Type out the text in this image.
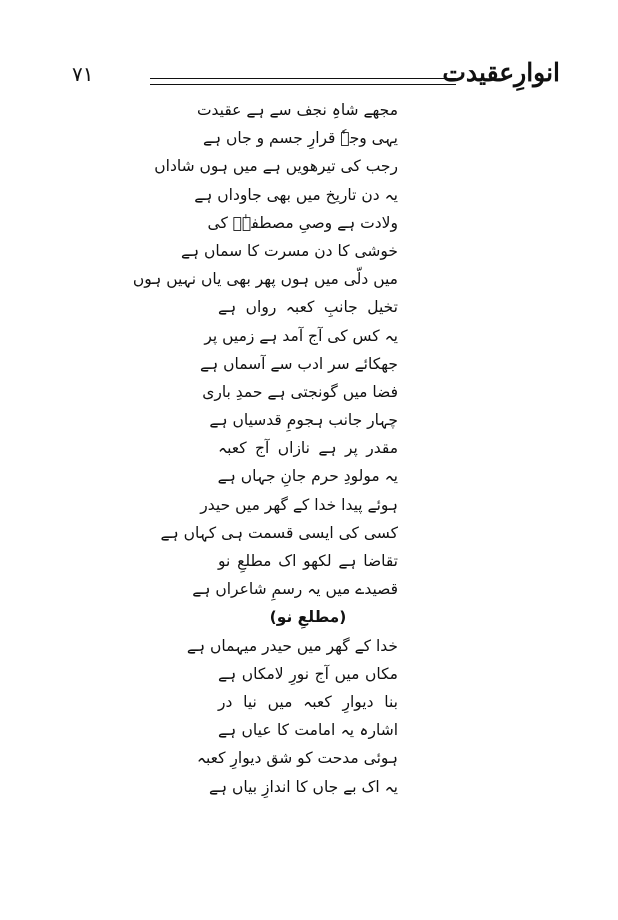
۷۱	انوارِعقیدت
مجھے شاہِ نجف سے ہے عقیدت
یہی وجہٗ قرارِ جسم و جاں ہے
رجب کی تیرھویں ہے میں ہوں شاداں
یہ دن تاریخ میں بھی جاوداں ہے
ولادت ہے وصیِ مصطفےٰؐ کی
خوشی کا دن مسرت کا سماں ہے
میں دلّی میں ہوں پھر بھی یاں نہیں ہوں
تخیل جانبِ کعبہ رواں ہے
یہ کس کی آج آمد ہے زمیں پر
جھکائے سر ادب سے آسماں ہے
فضا میں گونجتی ہے حمدِ باری
چہار جانب ہجومِ قدسیاں ہے
مقدر پر ہے نازاں آج کعبہ
یہ مولودِ حرم جانِ جہاں ہے
ہوئے پیدا خدا کے گھر میں حیدر
کسی کی ایسی قسمت ہی کہاں ہے
تقاضا ہے لکھو اک مطلعِ نو
قصیدے میں یہ رسمِ شاعراں ہے
(مطلعِ نو)
خدا کے گھر میں حیدر میہماں ہے
مکاں میں آج نورِ لامکاں ہے
بنا دیوارِ کعبہ میں نیا در
اشارہ یہ امامت کا عیاں ہے
ہوئی مدحت کو شق دیوارِ کعبہ
یہ اک بے جاں کا اندازِ بیاں ہے
